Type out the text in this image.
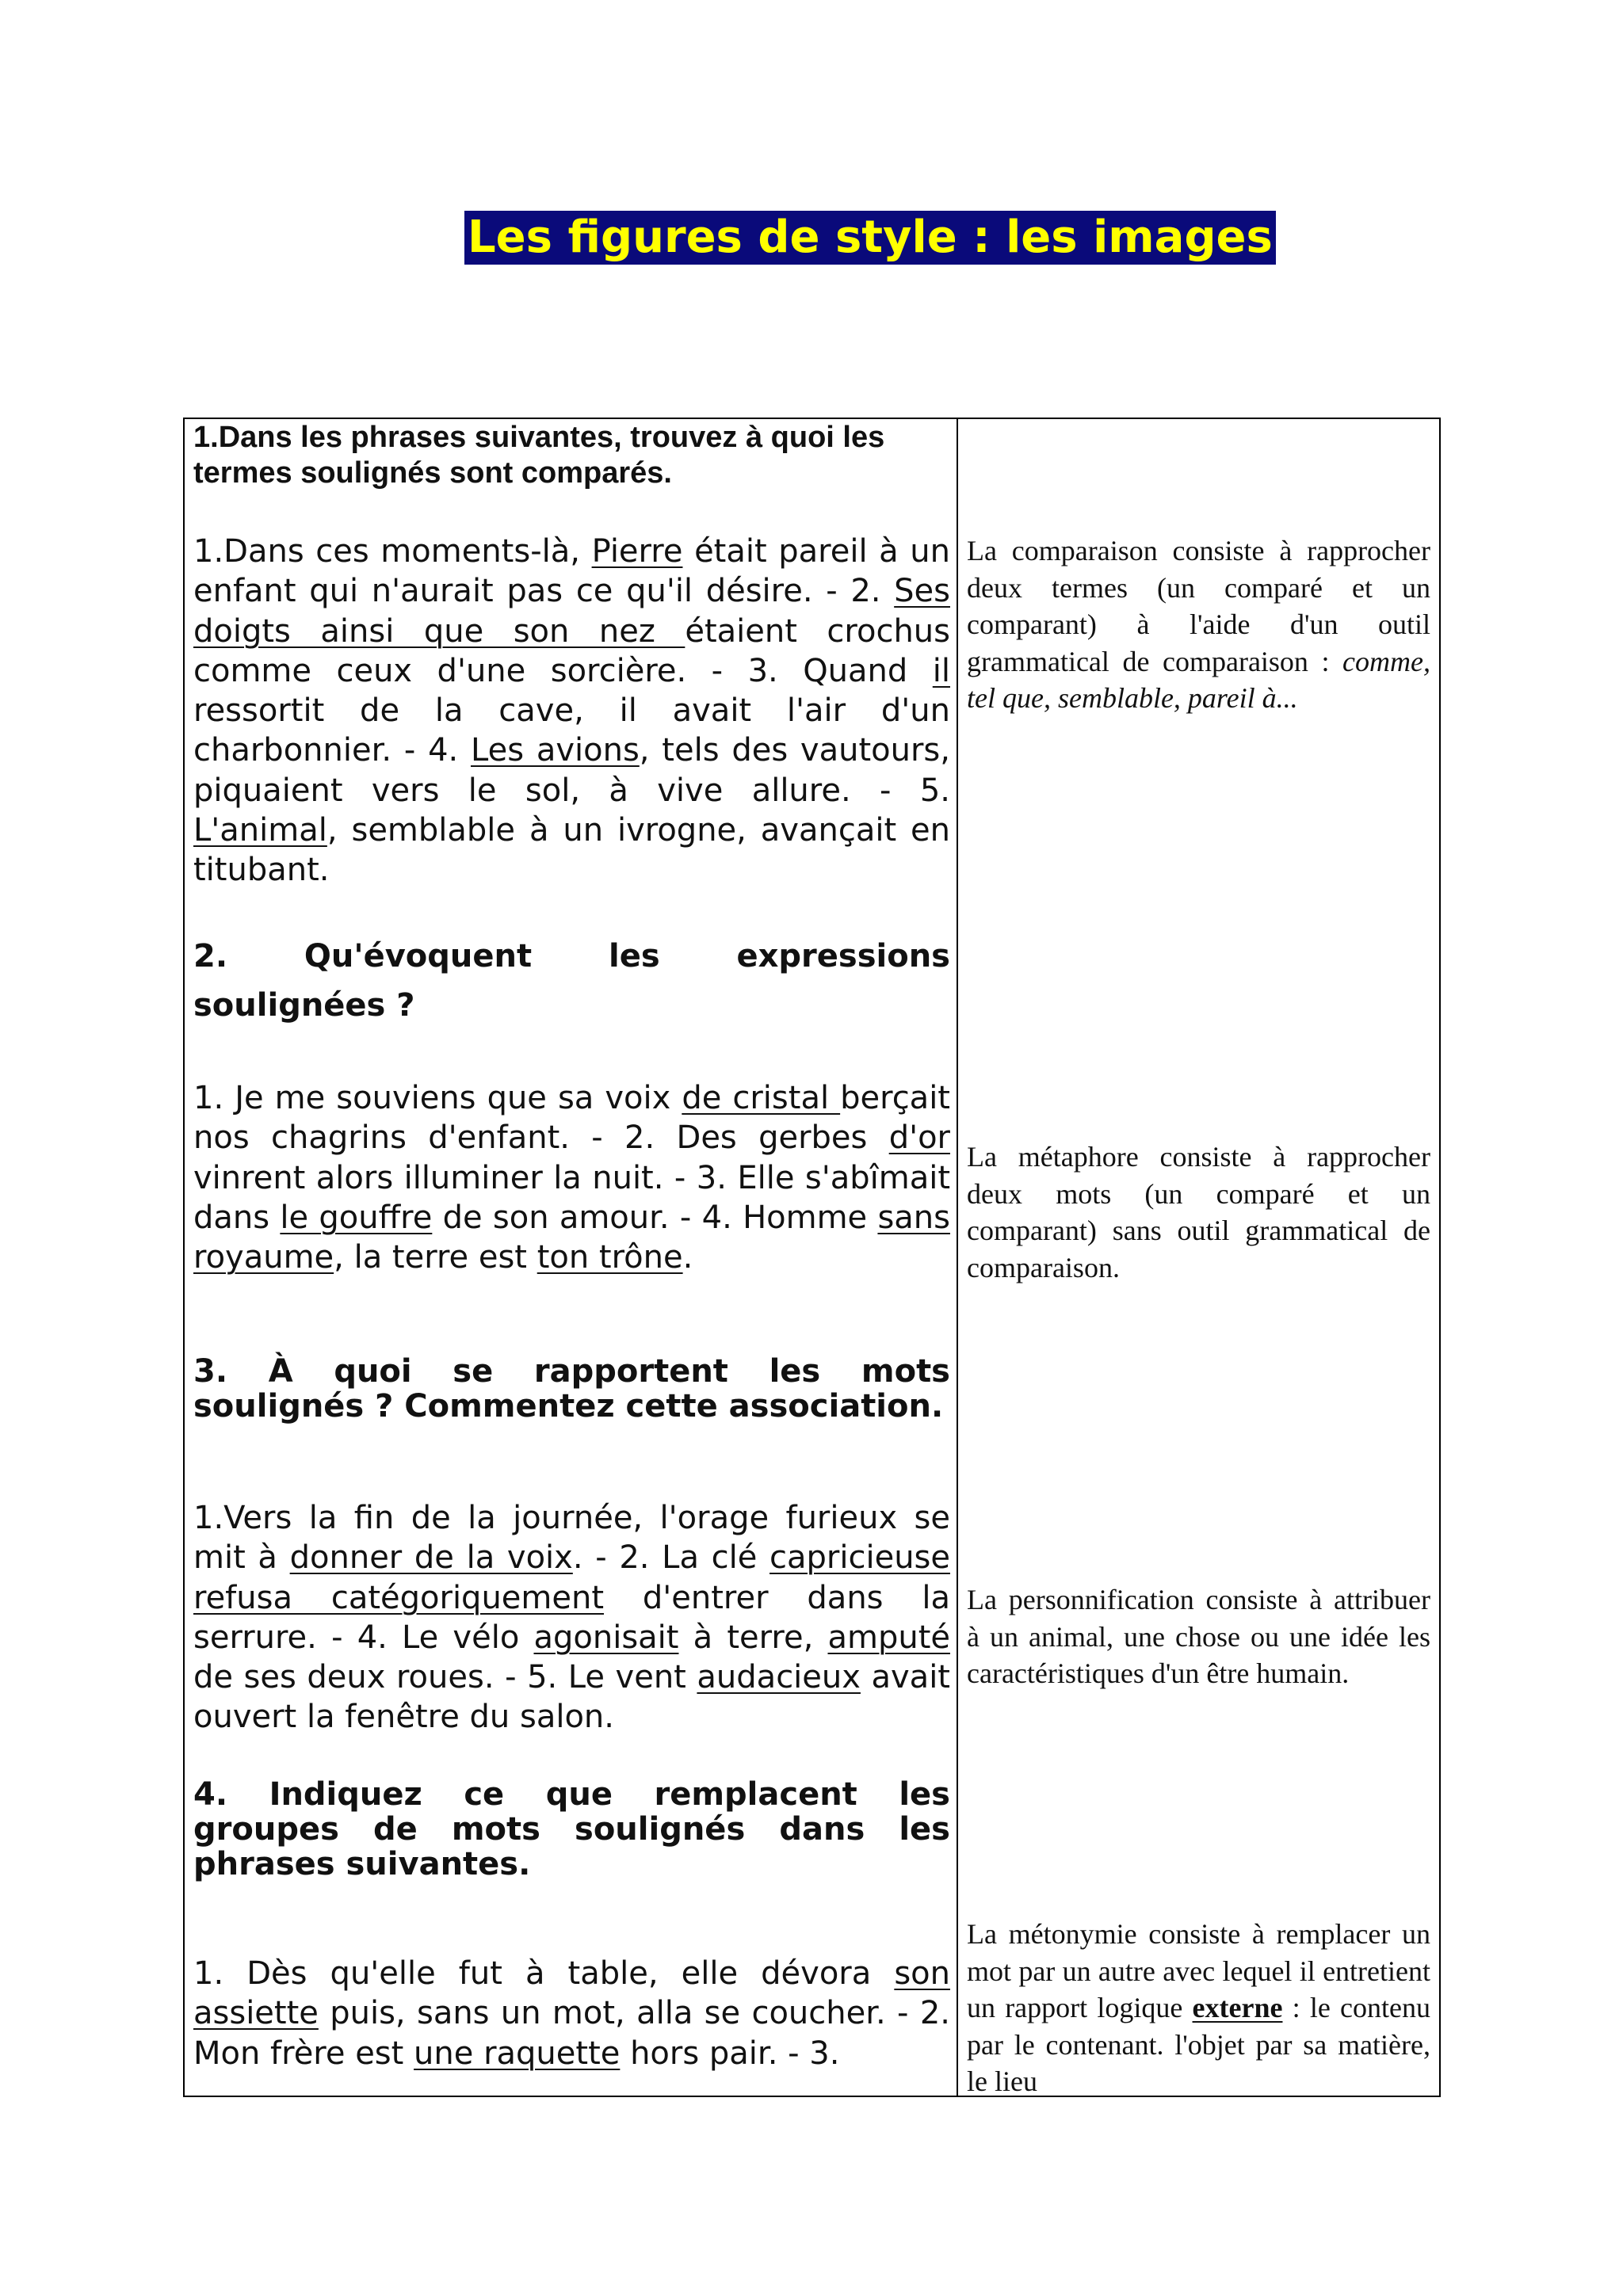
Les figures de style : les images
1.Dans les phrases suivantes, trouvez à quoi les termes soulignés sont comparés.
1.Dans ces moments-là, Pierre était pareil à un enfant qui n'aurait pas ce qu'il désire. - 2. Ses doigts ainsi que son nez étaient crochus comme ceux d'une sorcière. - 3. Quand il ressortit de la cave, il avait l'air d'un charbonnier. - 4. Les avions, tels des vautours, piquaient vers le sol, à vive allure. - 5. L'animal, semblable à un ivrogne, avançait en titubant.
2. Qu'évoquent les expressions soulignées ?
1. Je me souviens que sa voix de cristal berçait nos chagrins d'enfant. - 2. Des gerbes d'or vinrent alors illuminer la nuit. - 3. Elle s'abîmait dans le gouffre de son amour. - 4. Homme sans royaume, la terre est ton trône.
3. À quoi se rapportent les mots soulignés ? Commentez cette association.
1.Vers la fin de la journée, l'orage furieux se mit à donner de la voix. - 2. La clé capricieuse refusa catégoriquement d'entrer dans la serrure. - 4. Le vélo agonisait à terre, amputé de ses deux roues. - 5. Le vent audacieux avait ouvert la fenêtre du salon.
4. Indiquez ce que remplacent les groupes de mots soulignés dans les phrases suivantes.
1. Dès qu'elle fut à table, elle dévora son assiette puis, sans un mot, alla se coucher. - 2. Mon frère est une raquette hors pair. - 3.
La comparaison consiste à rapprocher deux termes (un comparé et un comparant) à l'aide d'un outil grammatical de comparaison : comme, tel que, semblable, pareil à...
La métaphore consiste à rapprocher deux mots (un comparé et un comparant) sans outil grammatical de comparaison.
La personnification consiste à attribuer à un animal, une chose ou une idée les caractéristiques d'un être humain.
La métonymie consiste à remplacer un mot par un autre avec lequel il entretient un rapport logique externe : le contenu par le contenant. l'objet par sa matière, le lieu
